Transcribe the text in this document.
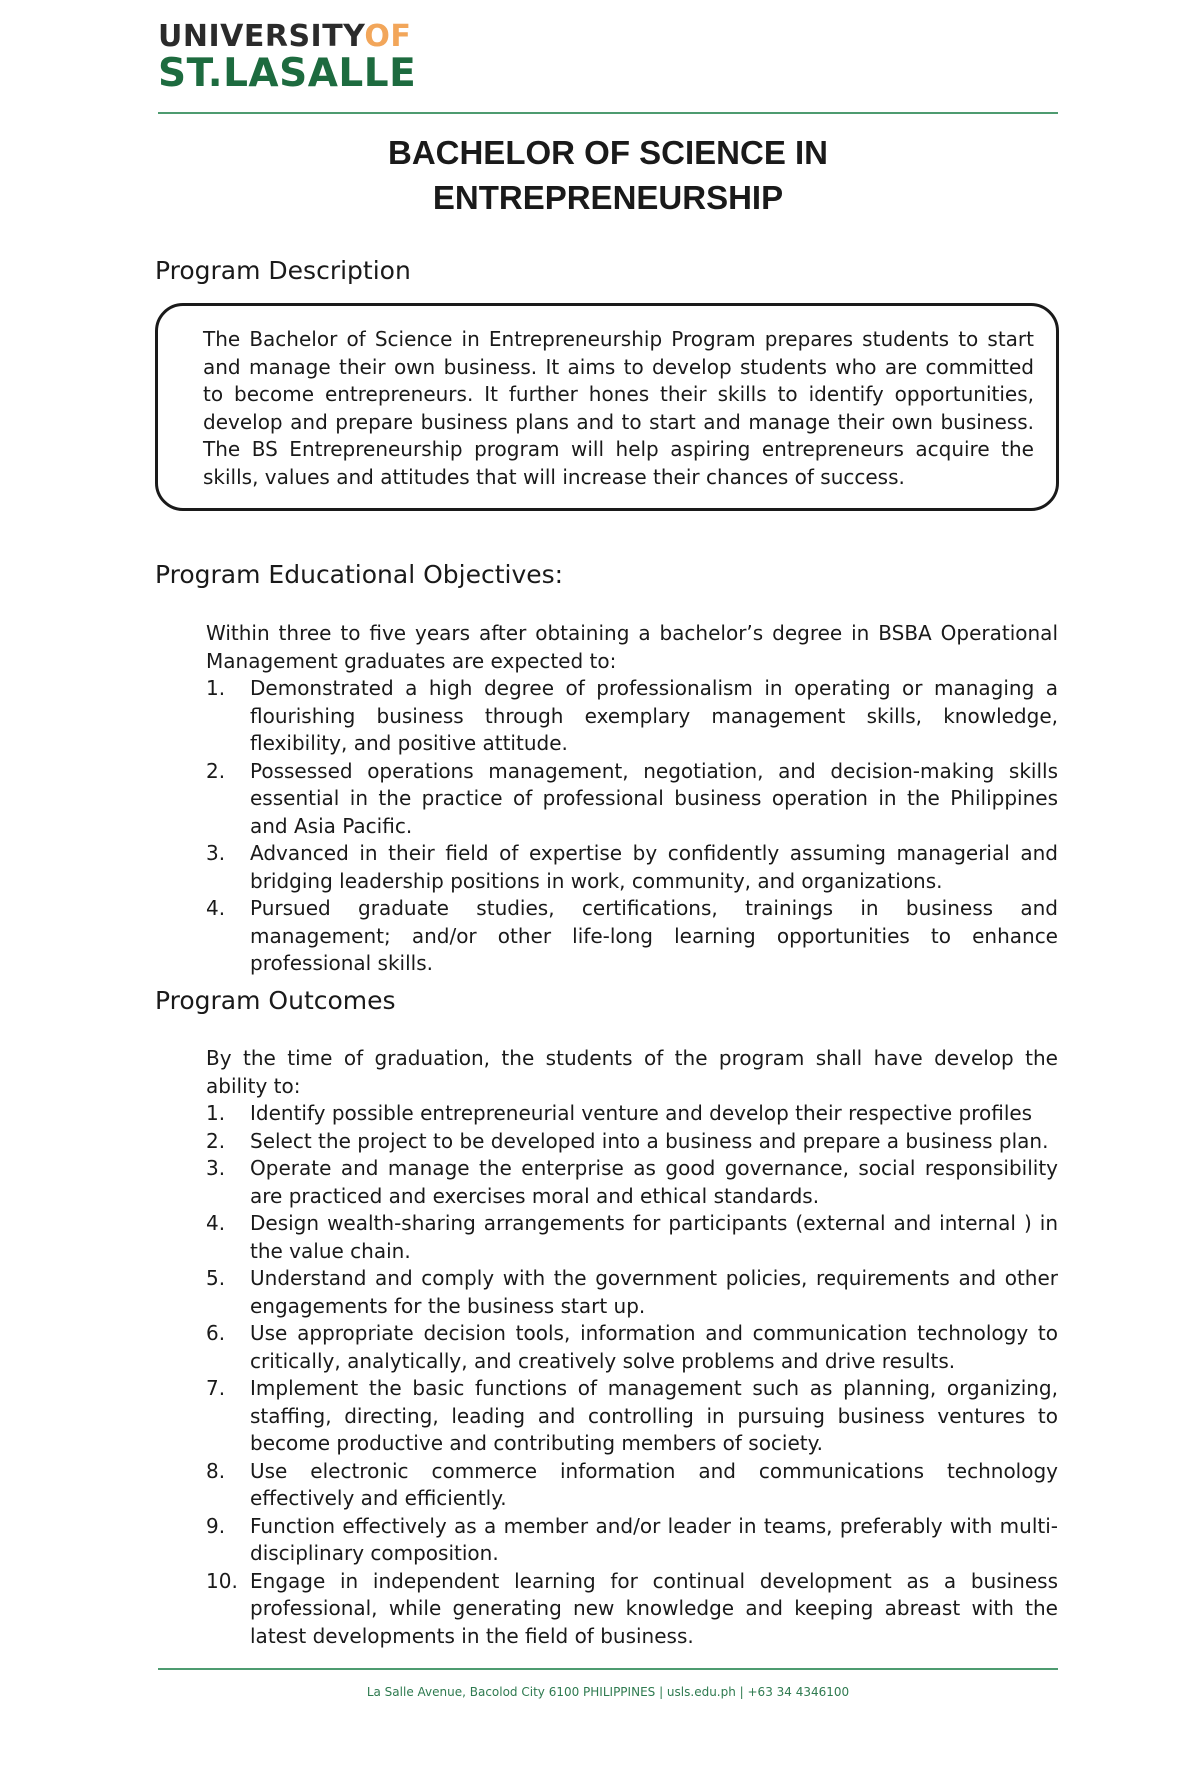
UNIVERSITYOF
ST.LASALLE
BACHELOR OF SCIENCE IN
ENTREPRENEURSHIP
Program Description
The Bachelor of Science in Entrepreneurship Program prepares students to start and manage their own business. It aims to develop students who are committed to become entrepreneurs. It further hones their skills to identify opportunities, develop and prepare business plans and to start and manage their own business. The BS Entrepreneurship program will help aspiring entrepreneurs acquire the skills, values and attitudes that will increase their chances of success.
Program Educational Objectives:
Within three to five years after obtaining a bachelor’s degree in BSBA Operational Management graduates are expected to:
1.	Demonstrated a high degree of professionalism in operating or managing a flourishing business through exemplary management skills, knowledge, flexibility, and positive attitude.
2.	Possessed operations management, negotiation, and decision-making skills essential in the practice of professional business operation in the Philippines and Asia Pacific.
3.	Advanced in their field of expertise by confidently assuming managerial and bridging leadership positions in work, community, and organizations.
4.	Pursued graduate studies, certifications, trainings in business and management; and/or other life-long learning opportunities to enhance professional skills.
Program Outcomes
By the time of graduation, the students of the program shall have develop the ability to:
1.	Identify possible entrepreneurial venture and develop their respective profiles
2.	Select the project to be developed into a business and prepare a business plan.
3.	Operate and manage the enterprise as good governance, social responsibility are practiced and exercises moral and ethical standards.
4.	Design wealth-sharing arrangements for participants (external and internal ) in the value chain.
5.	Understand and comply with the government policies, requirements and other engagements for the business start up.
6.	Use appropriate decision tools, information and communication technology to critically, analytically, and creatively solve problems and drive results.
7.	Implement the basic functions of management such as planning, organizing, staffing, directing, leading and controlling in pursuing business ventures to become productive and contributing members of society.
8.	Use electronic commerce information and communications technology effectively and efficiently.
9.	Function effectively as a member and/or leader in teams, preferably with multi-disciplinary composition.
10. Engage in independent learning for continual development as a business professional, while generating new knowledge and keeping abreast with the latest developments in the field of business.
La Salle Avenue, Bacolod City 6100 PHILIPPINES | usls.edu.ph | +63 34 4346100
